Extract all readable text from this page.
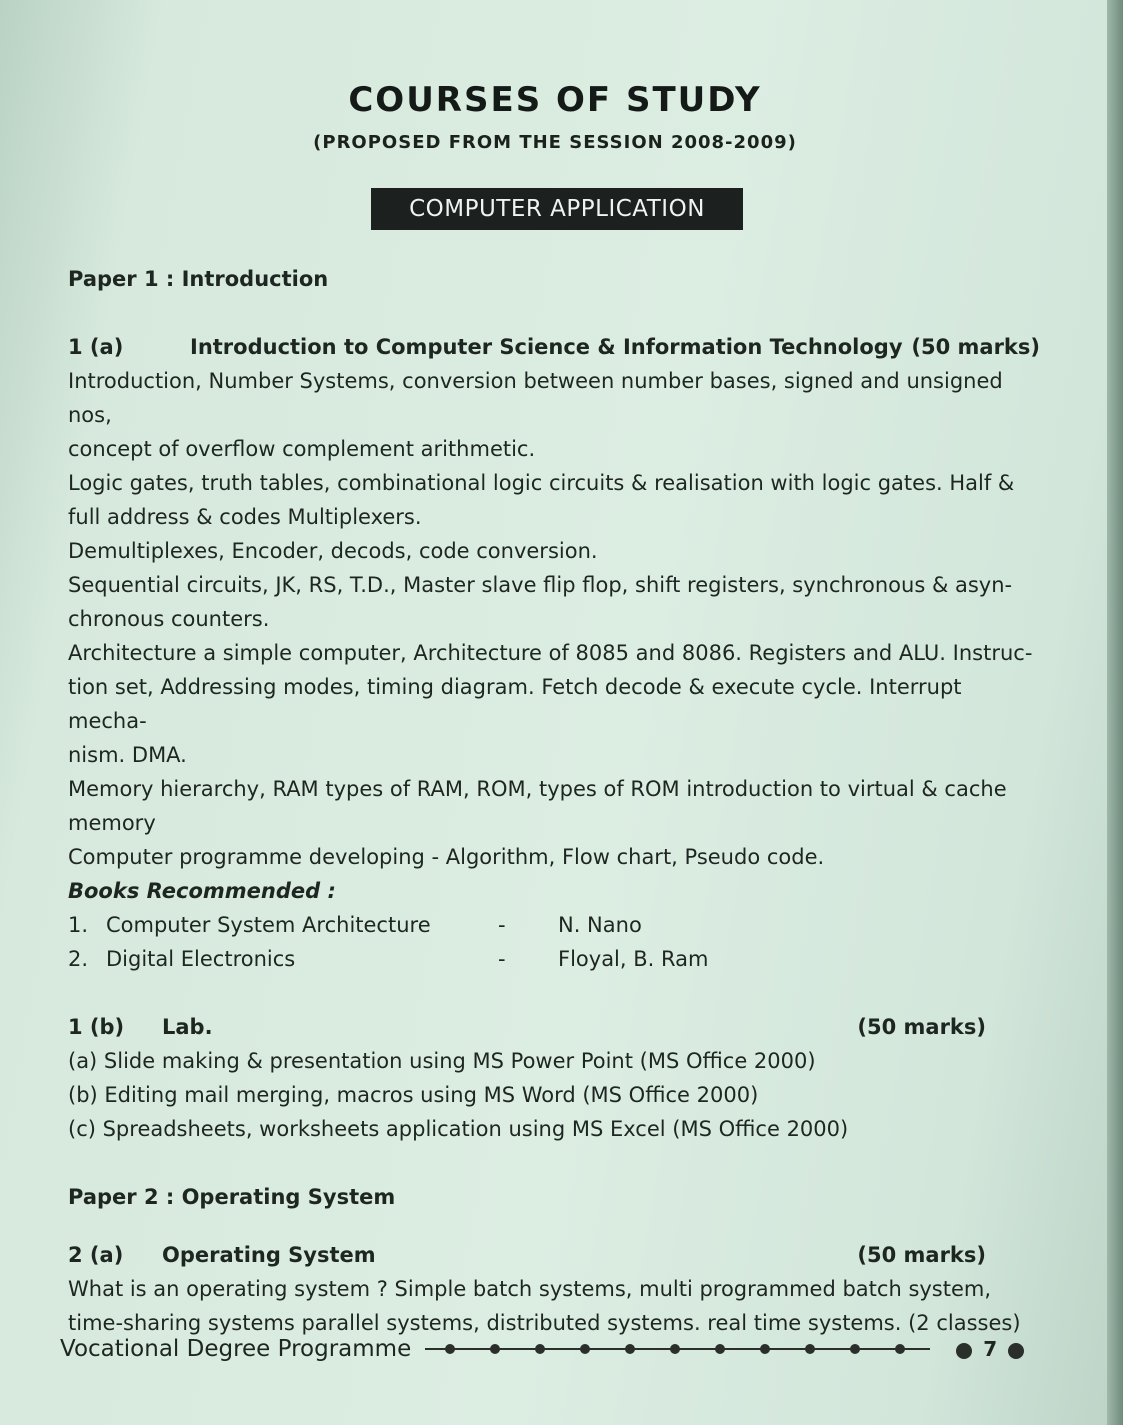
COURSES OF STUDY
(PROPOSED FROM THE SESSION 2008-2009)
COMPUTER APPLICATION

Paper 1 : Introduction

1 (a)	Introduction to Computer Science & Information Technology (50 marks)

Introduction, Number Systems, conversion between number bases, signed and unsigned nos,

concept of overflow complement arithmetic.

Logic gates, truth tables, combinational logic circuits & realisation with logic gates. Half &

full address & codes Multiplexers.

Demultiplexes, Encoder, decods, code conversion.

Sequential circuits, JK, RS, T.D., Master slave flip flop, shift registers, synchronous & asyn-

chronous counters.

Architecture a simple computer, Architecture of 8085 and 8086. Registers and ALU. Instruc-

tion set, Addressing modes, timing diagram. Fetch decode & execute cycle. Interrupt mecha-

nism. DMA.

Memory hierarchy, RAM types of RAM, ROM, types of ROM introduction to virtual & cache

memory

Computer programme developing - Algorithm, Flow chart, Pseudo code.

Books Recommended :

1. Computer System Architecture	-	N. Nano
2. Digital Electronics	-	Floyal, B. Ram
1 (b)	Lab.	(50 marks)

(a) Slide making & presentation using MS Power Point (MS Office 2000)

(b) Editing mail merging, macros using MS Word (MS Office 2000)

(c) Spreadsheets, worksheets application using MS Excel (MS Office 2000)

Paper 2 : Operating System

2 (a)	Operating System	(50 marks)

What is an operating system ? Simple batch systems, multi programmed batch system,

time-sharing systems parallel systems, distributed systems. real time systems. (2 classes)

Vocational Degree Programme	7
